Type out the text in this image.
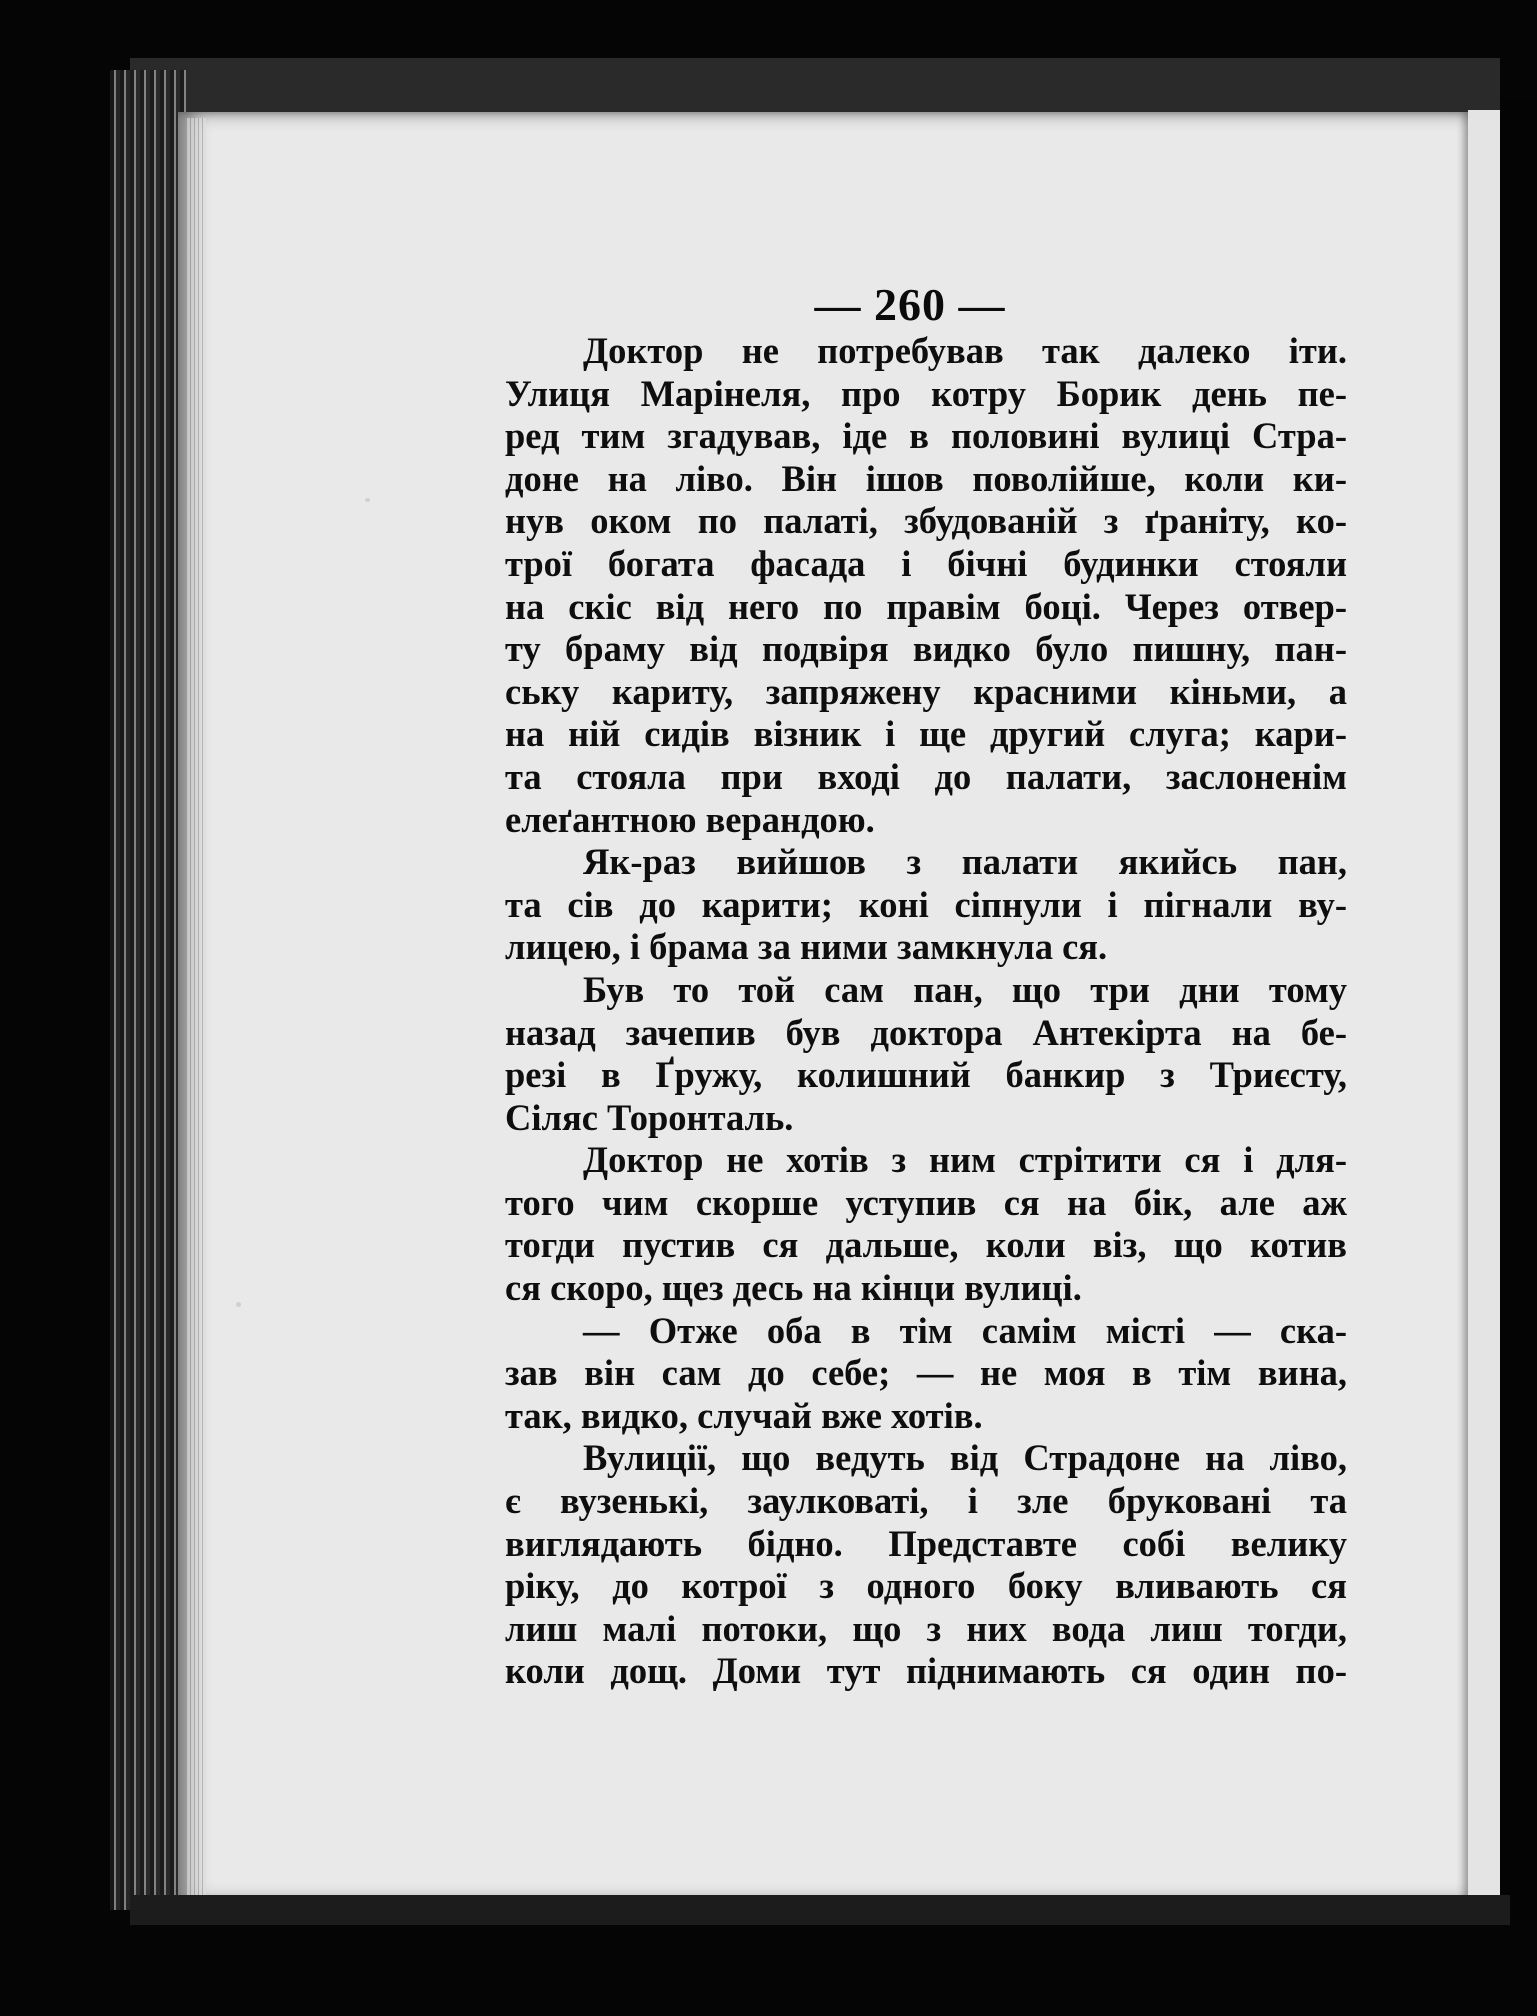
— 260 —
Доктор не потребував так далеко іти.
Улиця Марінеля, про котру Борик день пе-
ред тим згадував, іде в половині вулиці Стра-
доне на ліво. Він ішов поволійше, коли ки-
нув оком по палаті, збудованій з ґраніту, ко-
трої богата фасада і бічні будинки стояли
на скіс від него по правім боці. Через отвер-
ту браму від подвіря видко було пишну, пан-
ську кариту, запряжену красними кіньми, а
на ній сидів візник і ще другий слуга; кари-
та стояла при вході до палати, заслоненім
елеґантною верандою.
Як-раз вийшов з палати якийсь пан,
та сів до карити; коні сіпнули і пігнали ву-
лицею, і брама за ними замкнула ся.
Був то той сам пан, що три дни тому
назад зачепив був доктора Антекірта на бе-
резі в Ґружу, колишний банкир з Триєсту,
Сіляс Торонталь.
Доктор не хотів з ним стрітити ся і для-
того чим скорше уступив ся на бік, але аж
тогди пустив ся дальше, коли віз, що котив
ся скоро, щез десь на кінци вулиці.
— Отже оба в тім самім місті — ска-
зав він сам до себе; — не моя в тім вина,
так, видко, случай вже хотів.
Вулиції, що ведуть від Страдоне на ліво,
є вузенькі, заулковаті, і зле бруковані та
виглядають бідно. Представте собі велику
ріку, до котрої з одного боку вливають ся
лиш малі потоки, що з них вода лиш тогди,
коли дощ. Доми тут піднимають ся один по-
